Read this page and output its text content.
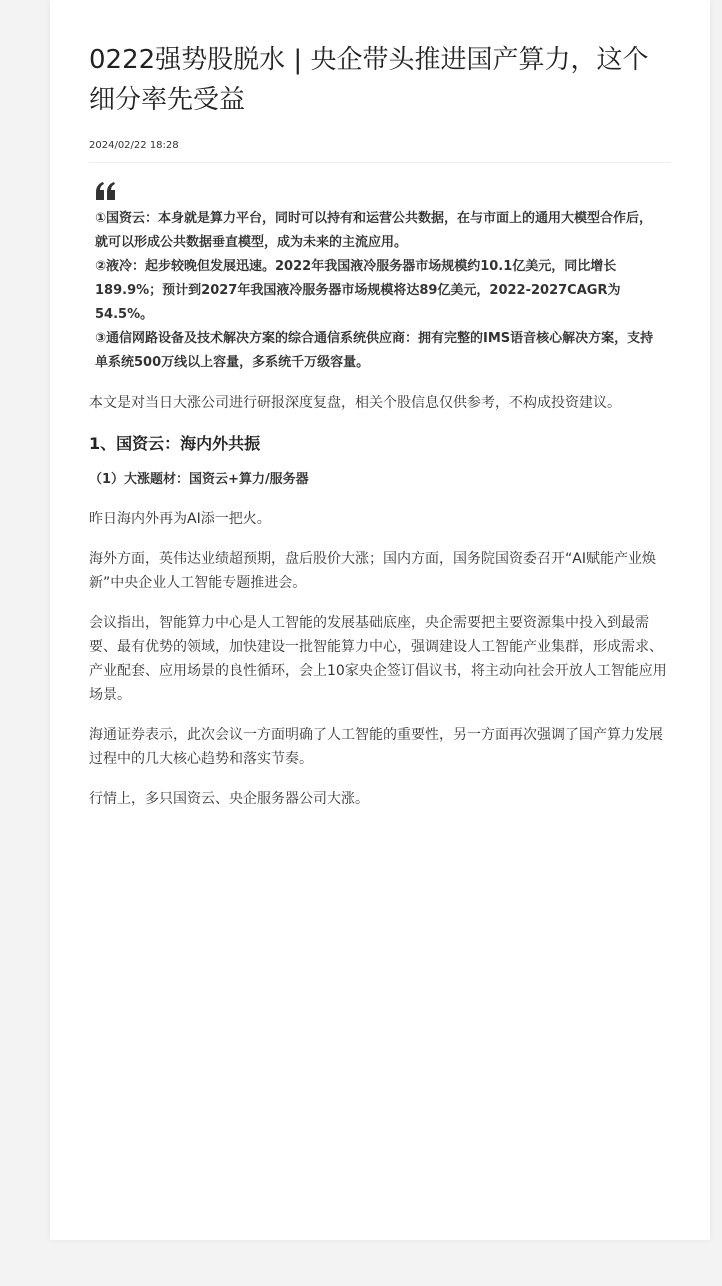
0222强势股脱水 | 央企带头推进国产算力，这个细分率先受益
2024/02/22 18:28

①国资云：本身就是算力平台，同时可以持有和运营公共数据，在与市面上的通用大模型合作后，就可以形成公共数据垂直模型，成为未来的主流应用。

②液冷：起步较晚但发展迅速。2022年我国液冷服务器市场规模约10.1亿美元，同比增长189.9%；预计到2027年我国液冷服务器市场规模将达89亿美元，2022-2027CAGR为54.5%。

③通信网路设备及技术解决方案的综合通信系统供应商：拥有完整的IMS语音核心解决方案，支持单系统500万线以上容量，多系统千万级容量。

本文是对当日大涨公司进行研报深度复盘，相关个股信息仅供参考，不构成投资建议。

1、国资云：海内外共振
（1）大涨题材：国资云+算力/服务器

昨日海内外再为AI添一把火。

海外方面，英伟达业绩超预期，盘后股价大涨；国内方面，国务院国资委召开“AI赋能产业焕新”中央企业人工智能专题推进会。

会议指出，智能算力中心是人工智能的发展基础底座，央企需要把主要资源集中投入到最需要、最有优势的领域，加快建设一批智能算力中心，强调建设人工智能产业集群，形成需求、产业配套、应用场景的良性循环，会上10家央企签订倡议书，将主动向社会开放人工智能应用场景。

海通证券表示，此次会议一方面明确了人工智能的重要性，另一方面再次强调了国产算力发展过程中的几大核心趋势和落实节奏。

行情上，多只国资云、央企服务器公司大涨。
